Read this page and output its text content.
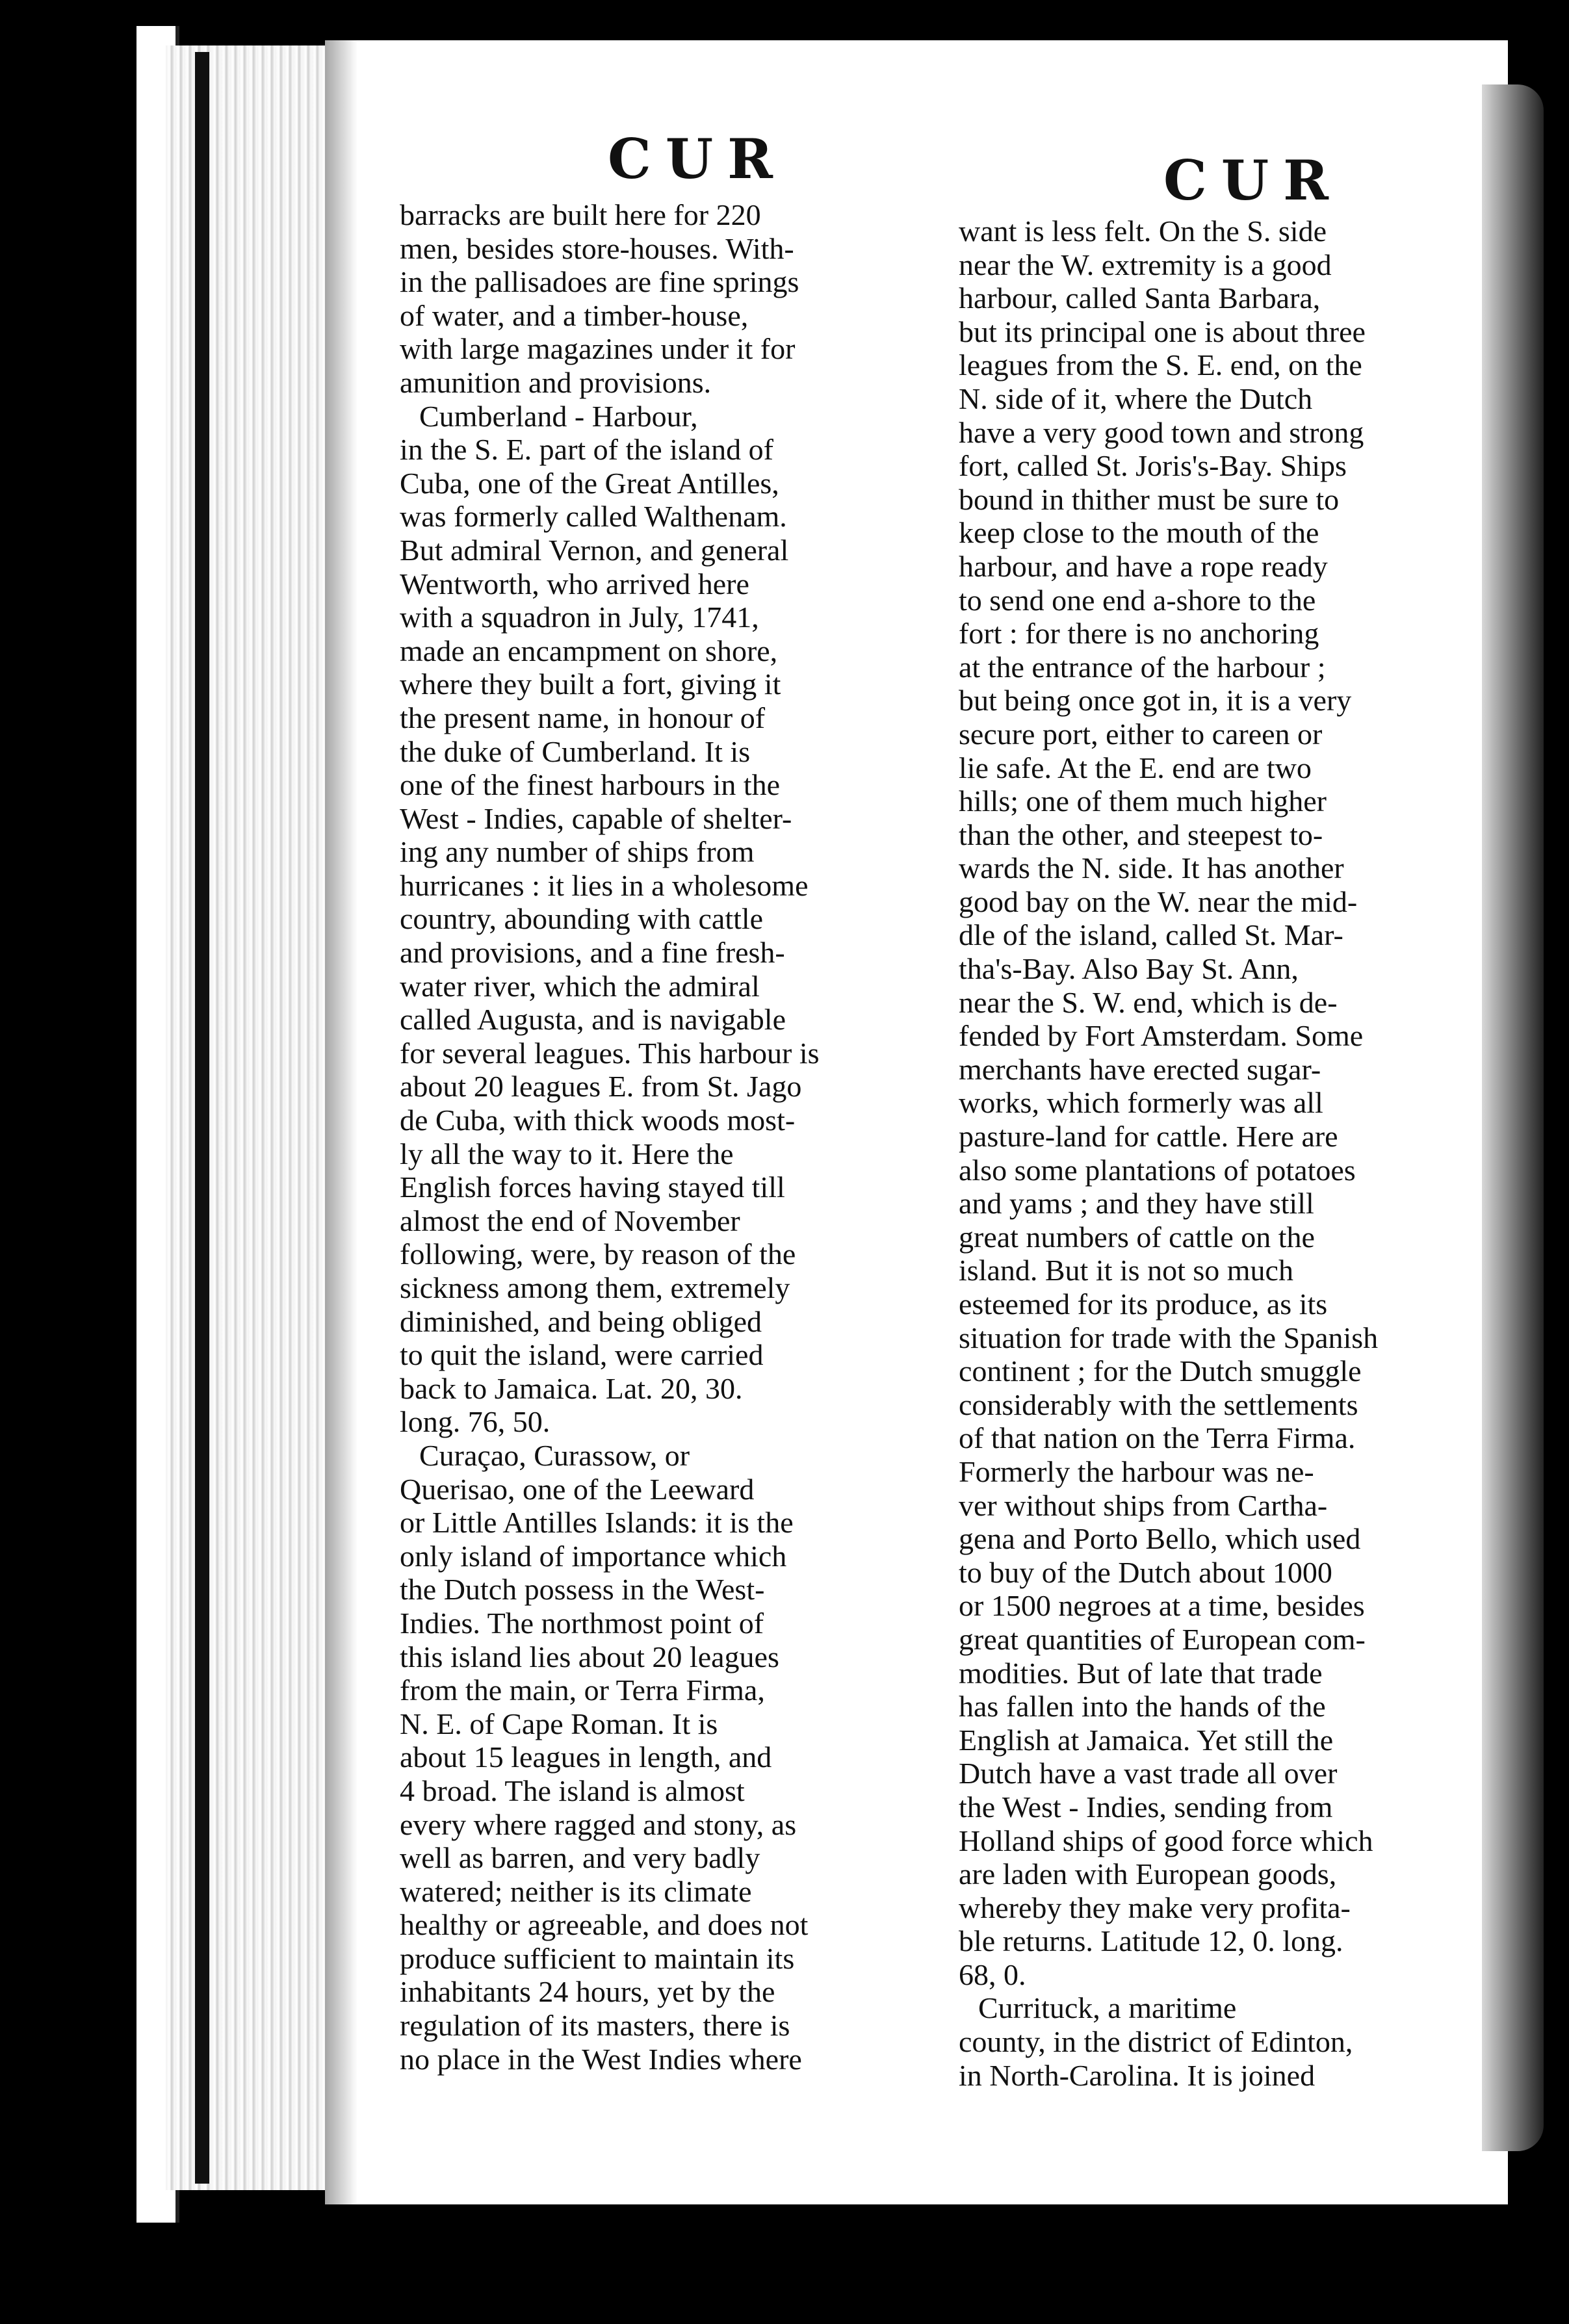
CUR	CUR

barracks are built here for 220
men, besides store-houses. With-
in the pallisadoes are fine springs
of water, and a timber-house,
with large magazines under it for
amunition and provisions.

Cumberland - Harbour,
in the S. E. part of the island of
Cuba, one of the Great Antilles,
was formerly called Walthenam.
But admiral Vernon, and general
Wentworth, who arrived here
with a squadron in July, 1741,
made an encampment on shore,
where they built a fort, giving it
the present name, in honour of
the duke of Cumberland. It is
one of the finest harbours in the
West - Indies, capable of shelter-
ing any number of ships from
hurricanes : it lies in a wholesome
country, abounding with cattle
and provisions, and a fine fresh-
water river, which the admiral
called Augusta, and is navigable
for several leagues. This harbour is
about 20 leagues E. from St. Jago
de Cuba, with thick woods most-
ly all the way to it. Here the
English forces having stayed till
almost the end of November
following, were, by reason of the
sickness among them, extremely
diminished, and being obliged
to quit the island, were carried
back to Jamaica. Lat. 20, 30.
long. 76, 50.

Curaçao, Curassow, or
Querisao, one of the Leeward
or Little Antilles Islands: it is the
only island of importance which
the Dutch possess in the West-
Indies. The northmost point of
this island lies about 20 leagues
from the main, or Terra Firma,
N. E. of Cape Roman. It is
about 15 leagues in length, and
4 broad. The island is almost
every where ragged and stony, as
well as barren, and very badly
watered; neither is its climate
healthy or agreeable, and does not
produce sufficient to maintain its
inhabitants 24 hours, yet by the
regulation of its masters, there is
no place in the West Indies where

want is less felt. On the S. side
near the W. extremity is a good
harbour, called Santa Barbara,
but its principal one is about three
leagues from the S. E. end, on the
N. side of it, where the Dutch
have a very good town and strong
fort, called St. Joris's-Bay. Ships
bound in thither must be sure to
keep close to the mouth of the
harbour, and have a rope ready
to send one end a-shore to the
fort : for there is no anchoring
at the entrance of the harbour ;
but being once got in, it is a very
secure port, either to careen or
lie safe. At the E. end are two
hills; one of them much higher
than the other, and steepest to-
wards the N. side. It has another
good bay on the W. near the mid-
dle of the island, called St. Mar-
tha's-Bay. Also Bay St. Ann,
near the S. W. end, which is de-
fended by Fort Amsterdam. Some
merchants have erected sugar-
works, which formerly was all
pasture-land for cattle. Here are
also some plantations of potatoes
and yams ; and they have still
great numbers of cattle on the
island. But it is not so much
esteemed for its produce, as its
situation for trade with the Spanish
continent ; for the Dutch smuggle
considerably with the settlements
of that nation on the Terra Firma.
Formerly the harbour was ne-
ver without ships from Cartha-
gena and Porto Bello, which used
to buy of the Dutch about 1000
or 1500 negroes at a time, besides
great quantities of European com-
modities. But of late that trade
has fallen into the hands of the
English at Jamaica. Yet still the
Dutch have a vast trade all over
the West - Indies, sending from
Holland ships of good force which
are laden with European goods,
whereby they make very profita-
ble returns. Latitude 12, 0. long.
68, 0.

Currituck, a maritime
county, in the district of Edinton,
in North-Carolina. It is joined
